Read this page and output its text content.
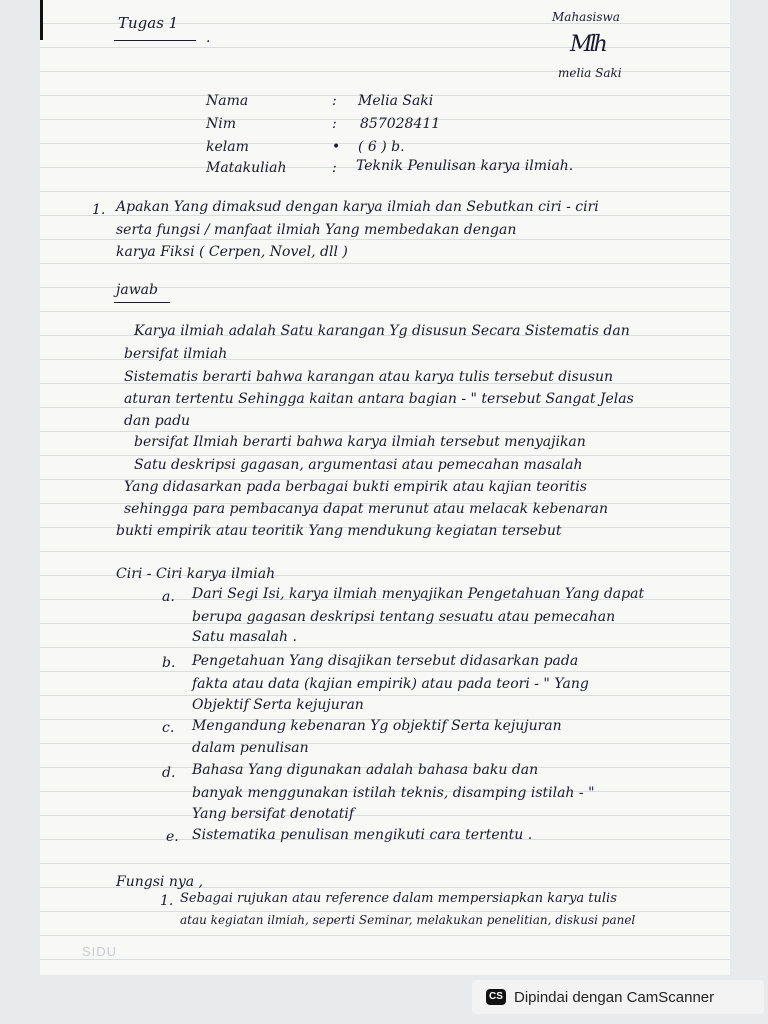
Tugas 1
.
Mahasiswa
Mlh
melia Saki
Nama
Nim
kelam
Matakuliah
:
:
•
:
Melia Saki
857028411
( 6 ) b.
Teknik Penulisan karya ilmiah.
1. Apakan Yang dimaksud dengan karya ilmiah dan Sebutkan ciri - ciri
serta fungsi / manfaat ilmiah Yang membedakan dengan
karya Fiksi ( Cerpen, Novel, dll )
jawab
Karya ilmiah adalah Satu karangan Yg disusun Secara Sistematis dan
bersifat ilmiah
Sistematis berarti bahwa karangan atau karya tulis tersebut disusun
aturan tertentu Sehingga kaitan antara bagian - " tersebut Sangat Jelas
dan padu
bersifat Ilmiah berarti bahwa karya ilmiah tersebut menyajikan
Satu deskripsi gagasan, argumentasi atau pemecahan masalah
Yang didasarkan pada berbagai bukti empirik atau kajian teoritis
sehingga para pembacanya dapat merunut atau melacak kebenaran
bukti empirik atau teoritik Yang mendukung kegiatan tersebut
Ciri - Ciri karya ilmiah
a. Dari Segi Isi, karya ilmiah menyajikan Pengetahuan Yang dapat
berupa gagasan deskripsi tentang sesuatu atau pemecahan
Satu masalah .
b. Pengetahuan Yang disajikan tersebut didasarkan pada
fakta atau data (kajian empirik) atau pada teori - " Yang
Objektif Serta kejujuran
c. Mengandung kebenaran Yg objektif Serta kejujuran
dalam penulisan
d. Bahasa Yang digunakan adalah bahasa baku dan
banyak menggunakan istilah teknis, disamping istilah - "
Yang bersifat denotatif
e. Sistematika penulisan mengikuti cara tertentu .
Fungsi nya ,
1. Sebagai rujukan atau reference dalam mempersiapkan karya tulis
atau kegiatan ilmiah, seperti Seminar, melakukan penelitian, diskusi panel
SIDU
CS Dipindai dengan CamScanner
